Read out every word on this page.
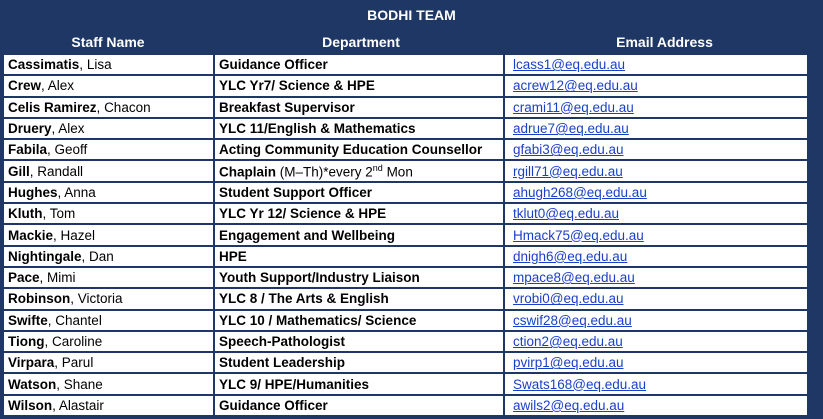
BODHI TEAM
Staff Name	Department	Email Address
Cassimatis, Lisa	Guidance Officer	lcass1@eq.edu.au
Crew, Alex	YLC Yr7/ Science & HPE	acrew12@eq.edu.au
Celis Ramirez, Chacon	Breakfast Supervisor	crami11@eq.edu.au
Druery, Alex	YLC 11/English & Mathematics	adrue7@eq.edu.au
Fabila, Geoff	Acting Community Education Counsellor	gfabi3@eq.edu.au
Gill, Randall	Chaplain (M–Th)*every 2nd Mon	rgill71@eq.edu.au
Hughes, Anna	Student Support Officer	ahugh268@eq.edu.au
Kluth, Tom	YLC Yr 12/ Science & HPE	tklut0@eq.edu.au
Mackie, Hazel	Engagement and Wellbeing	Hmack75@eq.edu.au
Nightingale, Dan	HPE	dnigh6@eq.edu.au
Pace, Mimi	Youth Support/Industry Liaison	mpace8@eq.edu.au
Robinson, Victoria	YLC 8 / The Arts & English	vrobi0@eq.edu.au
Swifte, Chantel	YLC 10 / Mathematics/ Science	cswif28@eq.edu.au
Tiong, Caroline	Speech-Pathologist	ction2@eq.edu.au
Virpara, Parul	Student Leadership	pvirp1@eq.edu.au
Watson, Shane	YLC 9/ HPE/Humanities	Swats168@eq.edu.au
Wilson, Alastair	Guidance Officer	awils2@eq.edu.au
